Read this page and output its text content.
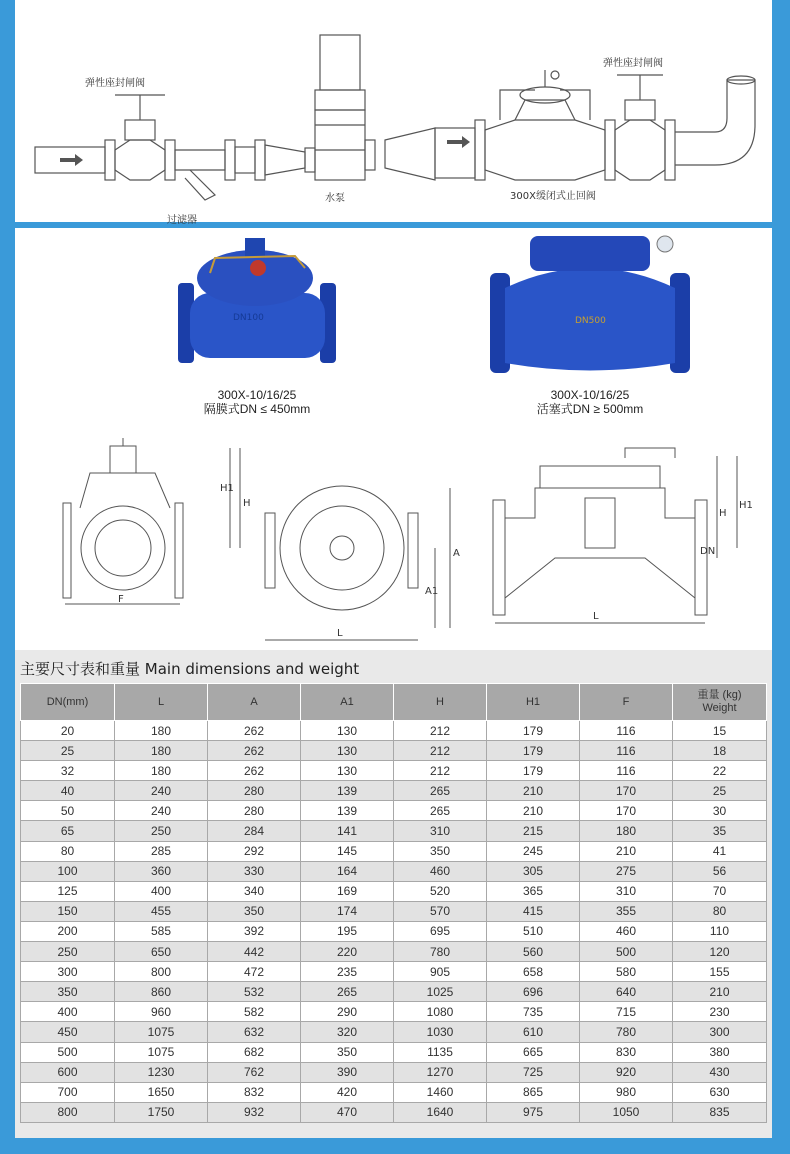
弹性座封闸阀
弹性座封闸阀
过滤器
水泵	300X缓闭式止回阀
DN100	DN500
300X-10/16/25
隔膜式DN ≤ 450mm
300X-10/16/25
活塞式DN ≥ 500mm
H1
H
F
A
A1
L
H1
H
DN
L
主要尺寸表和重量 Main dimensions and weight
DN(mm)	L	A	A1	H	H1	F	重量 (kg)
Weight
20	180	262	130	212	179	116	15
25	180	262	130	212	179	116	18
32	180	262	130	212	179	116	22
40	240	280	139	265	210	170	25
50	240	280	139	265	210	170	30
65	250	284	141	310	215	180	35
80	285	292	145	350	245	210	41
100	360	330	164	460	305	275	56
125	400	340	169	520	365	310	70
150	455	350	174	570	415	355	80
200	585	392	195	695	510	460	110
250	650	442	220	780	560	500	120
300	800	472	235	905	658	580	155
350	860	532	265	1025	696	640	210
400	960	582	290	1080	735	715	230
450	1075	632	320	1030	610	780	300
500	1075	682	350	1135	665	830	380
600	1230	762	390	1270	725	920	430
700	1650	832	420	1460	865	980	630
800	1750	932	470	1640	975	1050	835
